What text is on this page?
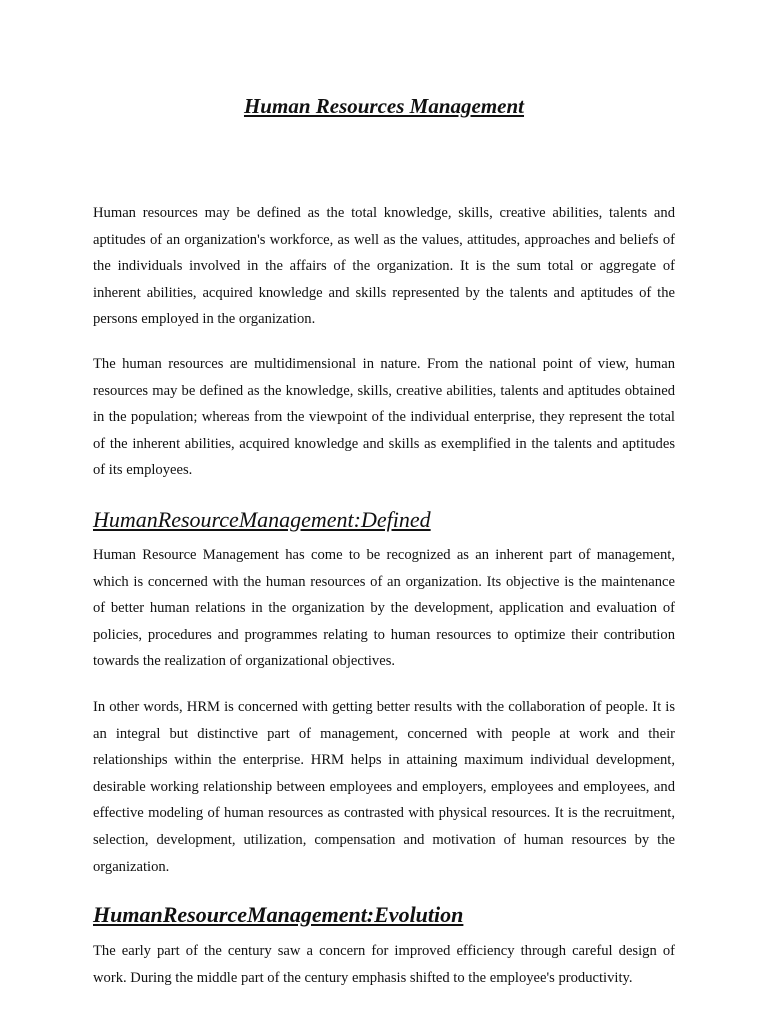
Human Resources Management

Human resources may be defined as the total knowledge, skills, creative abilities, talents and aptitudes of an organization's workforce, as well as the values, attitudes, approaches and beliefs of the individuals involved in the affairs of the organization. It is the sum total or aggregate of inherent abilities, acquired knowledge and skills represented by the talents and aptitudes of the persons employed in the organization.

The human resources are multidimensional in nature. From the national point of view, human resources may be defined as the knowledge, skills, creative abilities, talents and aptitudes obtained in the population; whereas from the viewpoint of the individual enterprise, they represent the total of the inherent abilities, acquired knowledge and skills as exemplified in the talents and aptitudes of its employees.

HumanResourceManagement:Defined

Human Resource Management has come to be recognized as an inherent part of management, which is concerned with the human resources of an organization. Its objective is the maintenance of better human relations in the organization by the development, application and evaluation of policies, procedures and programmes relating to human resources to optimize their contribution towards the realization of organizational objectives.

In other words, HRM is concerned with getting better results with the collaboration of people. It is an integral but distinctive part of management, concerned with people at work and their relationships within the enterprise. HRM helps in attaining maximum individual development, desirable working relationship between employees and employers, employees and employees, and effective modeling of human resources as contrasted with physical resources. It is the recruitment, selection, development, utilization, compensation and motivation of human resources by the organization.

HumanResourceManagement:Evolution

The early part of the century saw a concern for improved efficiency through careful design of work. During the middle part of the century emphasis shifted to the employee's productivity.
